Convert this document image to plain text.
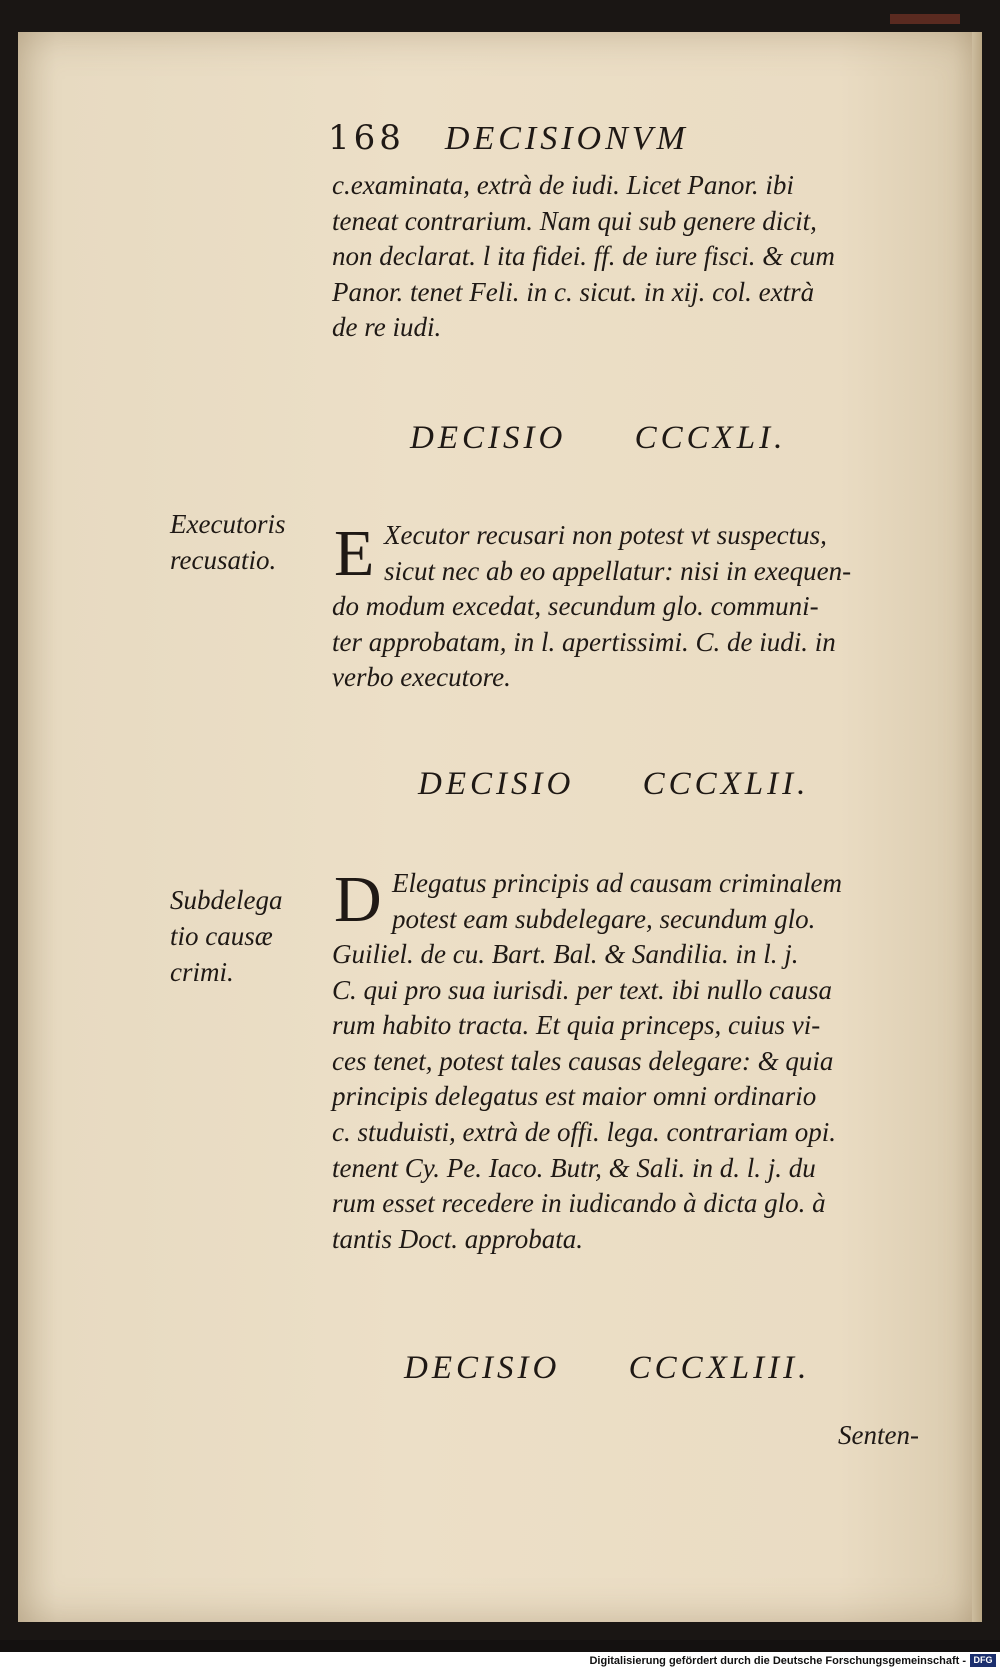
168 DECISIONVM
c.examinata, extrà de iudi. Licet Panor. ibi
teneat contrarium. Nam qui sub genere dicit,
non declarat. l ita fidei. ff. de iure fisci. & cum
Panor. tenet Feli. in c. sicut. in xij. col. extrà
de re iudi.
DECISIO CCCXLI.
Executoris
recusatio. E Xecutor recusari non potest vt suspectus,
sicut nec ab eo appellatur: nisi in exequen-
do modum excedat, secundum glo. communi-
ter approbatam, in l. apertissimi. C. de iudi. in
verbo executore.
DECISIO CCCXLII.
Subdelega
tio causæ
crimi.
D Elegatus principis ad causam criminalem
potest eam subdelegare, secundum glo.
Guiliel. de cu. Bart. Bal. & Sandilia. in l. j.
C. qui pro sua iurisdi. per text. ibi nullo causa
rum habito tracta. Et quia princeps, cuius vi-
ces tenet, potest tales causas delegare: & quia
principis delegatus est maior omni ordinario
c. studuisti, extrà de offi. lega. contrariam opi.
tenent Cy. Pe. Iaco. Butr, & Sali. in d. l. j. du
rum esset recedere in iudicando à dicta glo. à
tantis Doct. approbata.
DECISIO CCCXLIII.
Senten-
Digitalisierung gefördert durch die Deutsche Forschungsgemeinschaft - DFG
